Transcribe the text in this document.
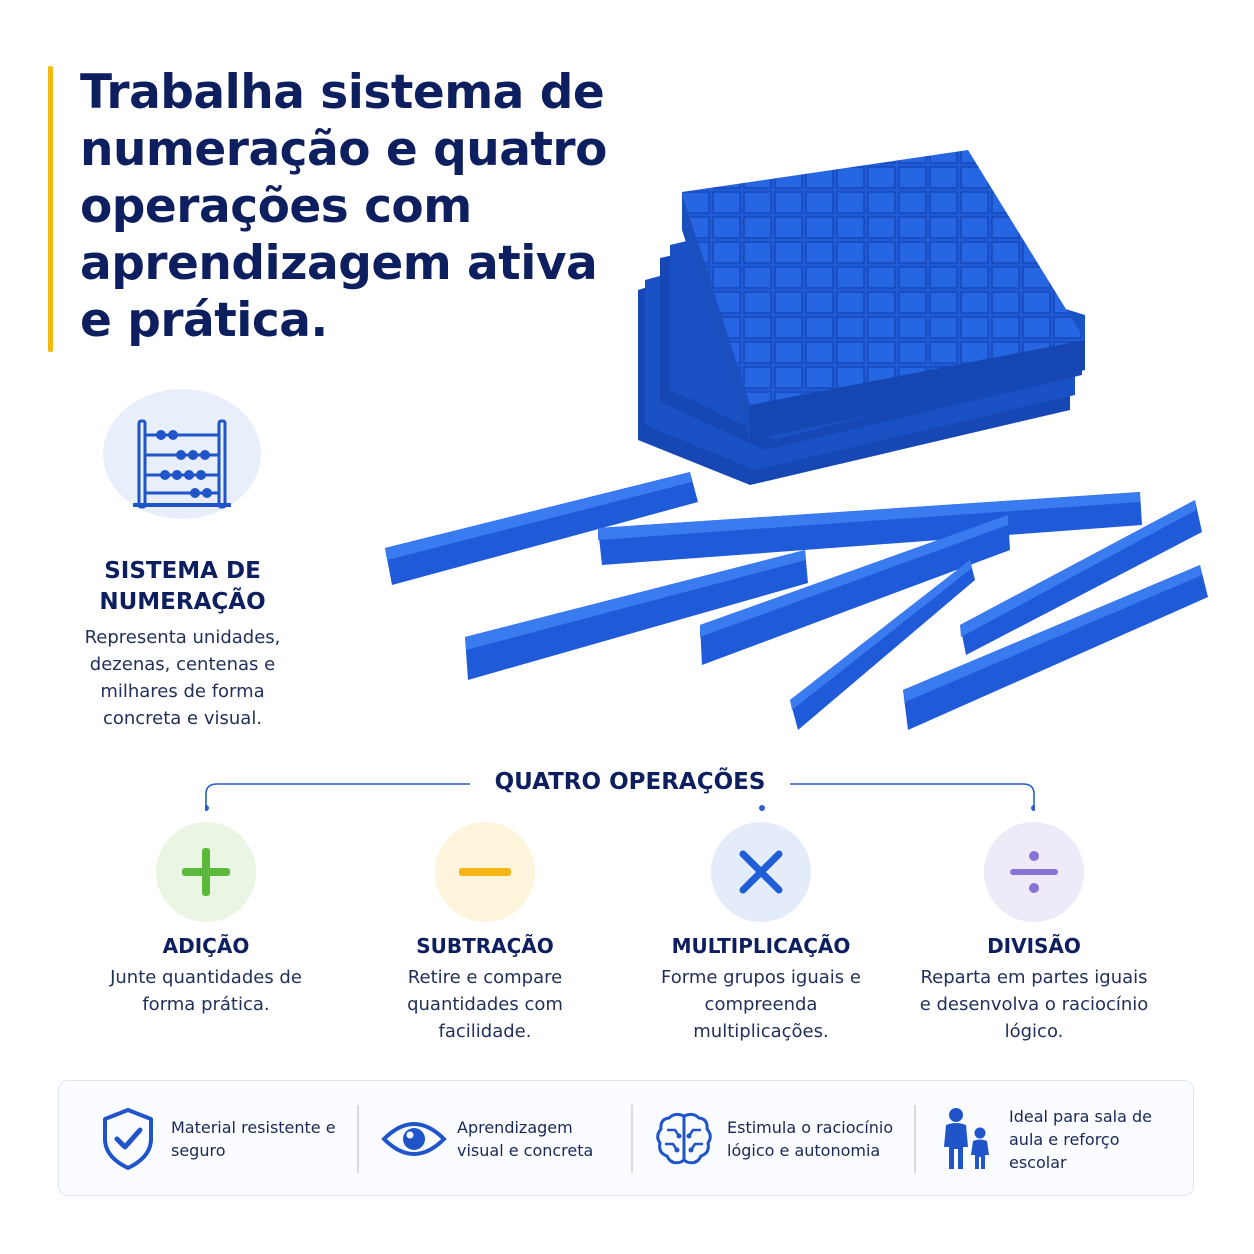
Trabalha sistema de numeração e quatro operações com aprendizagem ativa e prática.
SISTEMA DE NUMERAÇÃO
Representa unidades, dezenas, centenas e milhares de forma concreta e visual.
QUATRO OPERAÇÕES
ADIÇÃO
Junte quantidades de forma prática.
SUBTRAÇÃO
Retire e compare quantidades com facilidade.
MULTIPLICAÇÃO
Forme grupos iguais e compreenda multiplicações.
DIVISÃO
Reparta em partes iguais e desenvolva o raciocínio lógico.
Material resistente e seguro
Aprendizagem visual e concreta
Estimula o raciocínio lógico e autonomia
Ideal para sala de aula e reforço escolar
